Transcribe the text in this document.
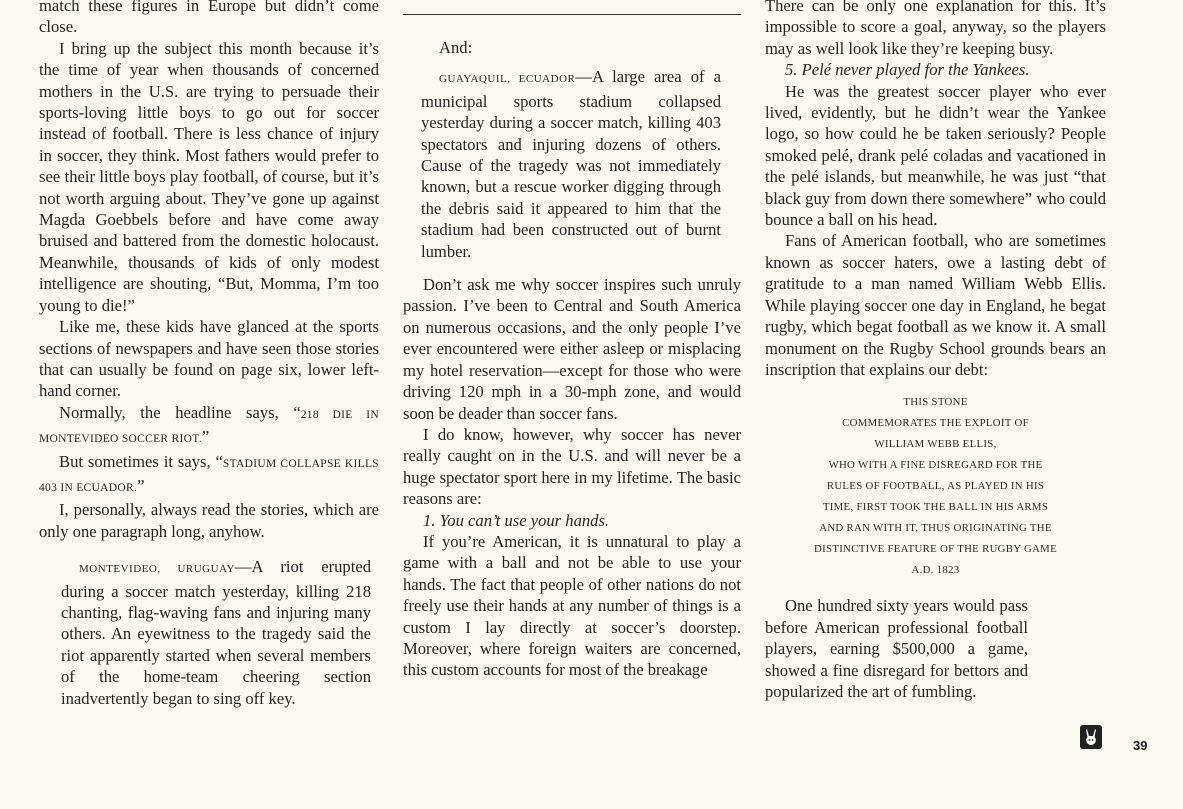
match these figures in Europe but didn’t come close.

I bring up the subject this month because it’s the time of year when thousands of concerned mothers in the U.S. are trying to persuade their sports-loving little boys to go out for soccer instead of football. There is less chance of injury in soccer, they think. Most fathers would prefer to see their little boys play football, of course, but it’s not worth arguing about. They’ve gone up against Magda Goebbels before and have come away bruised and battered from the domestic holocaust. Meanwhile, thousands of kids of only modest intelligence are shouting, “But, Momma, I’m too young to die!”

Like me, these kids have glanced at the sports sections of newspapers and have seen those stories that can usually be found on page six, lower left-hand corner.

Normally, the headline says, “218 DIE IN MONTEVIDEO SOCCER RIOT.”

But sometimes it says, “STADIUM COLLAPSE KILLS 403 IN ECUADOR.”

I, personally, always read the stories, which are only one paragraph long, anyhow.

MONTEVIDEO, URUGUAY—A riot erupted during a soccer match yesterday, killing 218 chanting, flag-waving fans and injuring many others. An eyewitness to the tragedy said the riot apparently started when several members of the home-team cheering section inadvertently began to sing off key.

And:

GUAYAQUIL, ECUADOR—A large area of a municipal sports stadium collapsed yesterday during a soccer match, killing 403 spectators and injuring dozens of others. Cause of the tragedy was not immediately known, but a rescue worker digging through the debris said it appeared to him that the stadium had been constructed out of burnt lumber.

Don’t ask me why soccer inspires such unruly passion. I’ve been to Central and South America on numerous occasions, and the only people I’ve ever encountered were either asleep or misplacing my hotel reservation—except for those who were driving 120 mph in a 30-mph zone, and would soon be deader than soccer fans.

I do know, however, why soccer has never really caught on in the U.S. and will never be a huge spectator sport here in my lifetime. The basic reasons are:

1. You can’t use your hands.

If you’re American, it is unnatural to play a game with a ball and not be able to use your hands. The fact that people of other nations do not freely use their hands at any number of things is a custom I lay directly at soccer’s doorstep. Moreover, where foreign waiters are concerned, this custom accounts for most of the breakage

There can be only one explanation for this. It’s impossible to score a goal, anyway, so the players may as well look like they’re keeping busy.

5. Pelé never played for the Yankees.

He was the greatest soccer player who ever lived, evidently, but he didn’t wear the Yankee logo, so how could he be taken seriously? People smoked pelé, drank pelé coladas and vacationed in the pelé islands, but meanwhile, he was just “that black guy from down there somewhere” who could bounce a ball on his head.

Fans of American football, who are sometimes known as soccer haters, owe a lasting debt of gratitude to a man named William Webb Ellis. While playing soccer one day in England, he begat rugby, which begat football as we know it. A small monument on the Rugby School grounds bears an inscription that explains our debt:

THIS STONE
COMMEMORATES THE EXPLOIT OF
WILLIAM WEBB ELLIS,
WHO WITH A FINE DISREGARD FOR THE
RULES OF FOOTBALL, AS PLAYED IN HIS
TIME, FIRST TOOK THE BALL IN HIS ARMS
AND RAN WITH IT, THUS ORIGINATING THE
DISTINCTIVE FEATURE OF THE RUGBY GAME
A.D. 1823

One hundred sixty years would pass before American professional football players, earning $500,000 a game, showed a fine disregard for bettors and popularized the art of fumbling.

39
